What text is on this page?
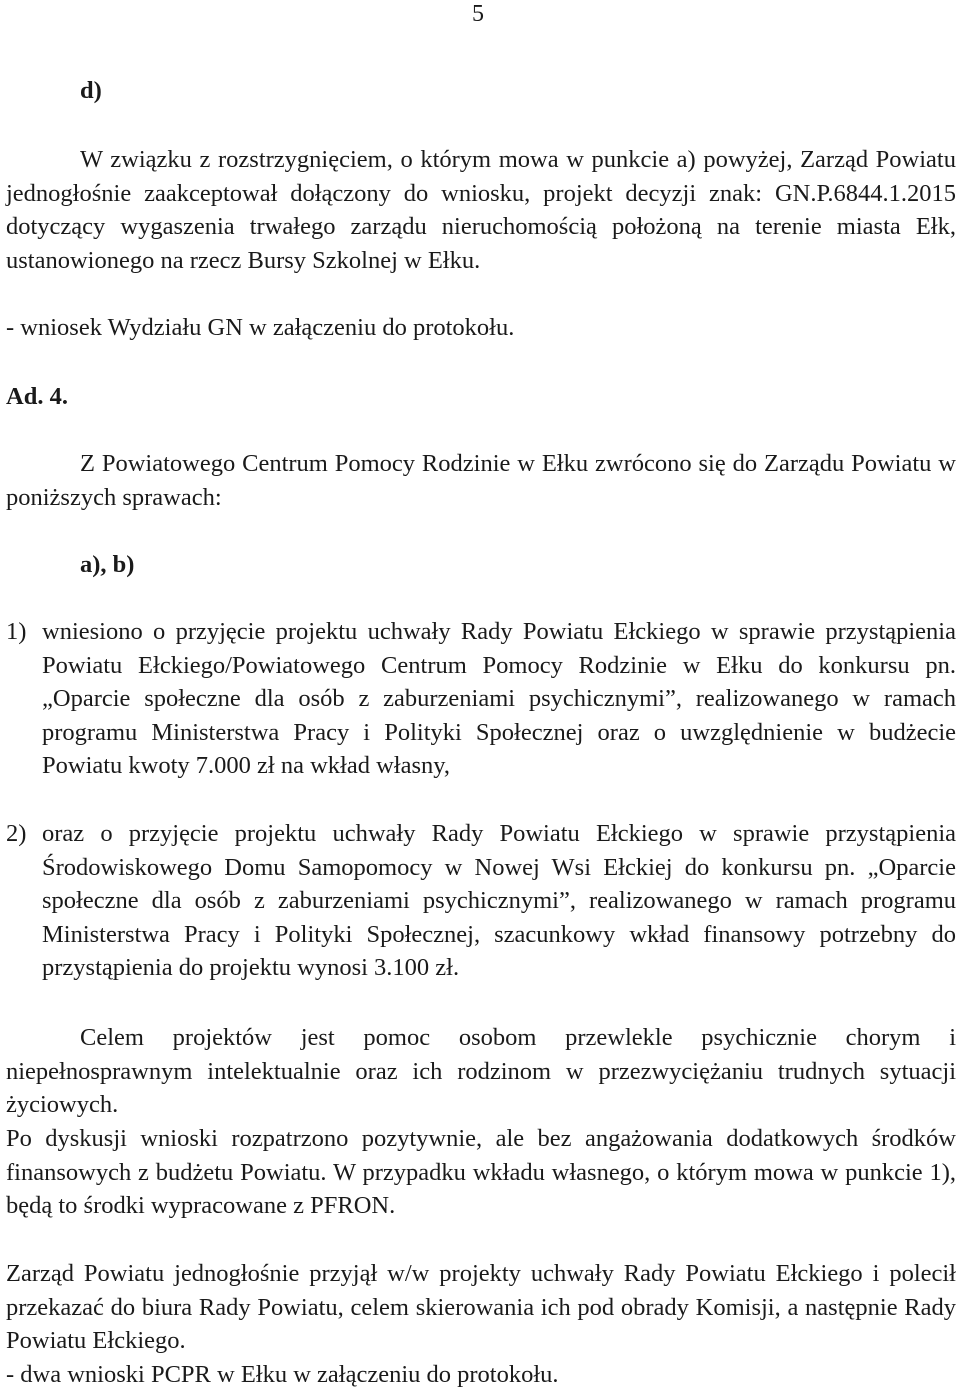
5
d)
W związku z rozstrzygnięciem, o którym mowa w punkcie a) powyżej, Zarząd Powiatu jednogłośnie zaakceptował dołączony do wniosku, projekt decyzji znak: GN.P.6844.1.2015 dotyczący wygaszenia trwałego zarządu nieruchomością położoną na terenie miasta Ełk, ustanowionego na rzecz Bursy Szkolnej w Ełku.
- wniosek Wydziału GN w załączeniu do protokołu.
Ad. 4.
Z Powiatowego Centrum Pomocy Rodzinie w Ełku zwrócono się do Zarządu Powiatu w poniższych sprawach:
a), b)
1) wniesiono o przyjęcie projektu uchwały Rady Powiatu Ełckiego w sprawie przystąpienia Powiatu Ełckiego/Powiatowego Centrum Pomocy Rodzinie w Ełku do konkursu pn. „Oparcie społeczne dla osób z zaburzeniami psychicznymi”, realizowanego w ramach programu Ministerstwa Pracy i Polityki Społecznej oraz o uwzględnienie w budżecie Powiatu kwoty 7.000 zł na wkład własny,
2) oraz o przyjęcie projektu uchwały Rady Powiatu Ełckiego w sprawie przystąpienia Środowiskowego Domu Samopomocy w Nowej Wsi Ełckiej do konkursu pn. „Oparcie społeczne dla osób z zaburzeniami psychicznymi”, realizowanego w ramach programu Ministerstwa Pracy i Polityki Społecznej, szacunkowy wkład finansowy potrzebny do przystąpienia do projektu wynosi 3.100 zł.
Celem projektów jest pomoc osobom przewlekle psychicznie chorym i niepełnosprawnym intelektualnie oraz ich rodzinom w przezwyciężaniu trudnych sytuacji życiowych.
Po dyskusji wnioski rozpatrzono pozytywnie, ale bez angażowania dodatkowych środków finansowych z budżetu Powiatu. W przypadku wkładu własnego, o którym mowa w punkcie 1), będą to środki wypracowane z PFRON.
Zarząd Powiatu jednogłośnie przyjął w/w projekty uchwały Rady Powiatu Ełckiego i polecił przekazać do biura Rady Powiatu, celem skierowania ich pod obrady Komisji, a następnie Rady Powiatu Ełckiego.
- dwa wnioski PCPR w Ełku w załączeniu do protokołu.
